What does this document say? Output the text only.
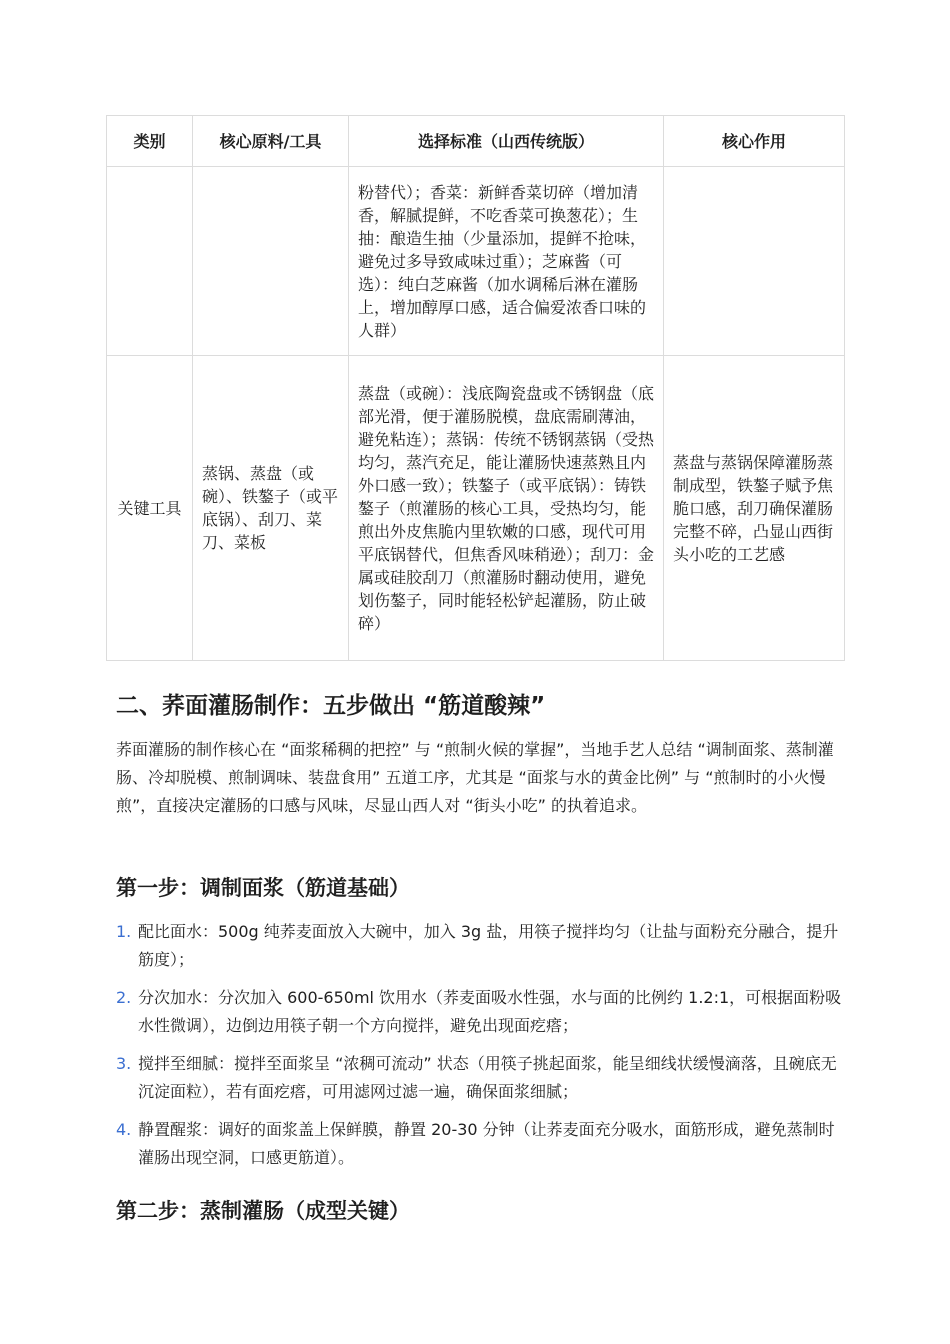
类别	核心原料/工具	选择标准（山西传统版）	核心作用

		粉替代）；香菜：新鲜香菜切碎（增加清香，解腻提鲜，不吃香菜可换葱花）；生抽：酿造生抽（少量添加，提鲜不抢味，避免过多导致咸味过重）；芝麻酱（可选）：纯白芝麻酱（加水调稀后淋在灌肠上，增加醇厚口感，适合偏爱浓香口味的人群）	

关键工具	蒸锅、蒸盘（或碗）、铁鏊子（或平底锅）、刮刀、菜刀、菜板	蒸盘（或碗）：浅底陶瓷盘或不锈钢盘（底部光滑，便于灌肠脱模，盘底需刷薄油，避免粘连）；蒸锅：传统不锈钢蒸锅（受热均匀，蒸汽充足，能让灌肠快速蒸熟且内外口感一致）；铁鏊子（或平底锅）：铸铁鏊子（煎灌肠的核心工具，受热均匀，能煎出外皮焦脆内里软嫩的口感，现代可用平底锅替代，但焦香风味稍逊）；刮刀：金属或硅胶刮刀（煎灌肠时翻动使用，避免划伤鏊子，同时能轻松铲起灌肠，防止破碎）	蒸盘与蒸锅保障灌肠蒸制成型，铁鏊子赋予焦脆口感，刮刀确保灌肠完整不碎，凸显山西街头小吃的工艺感
二、荞面灌肠制作：五步做出 “筋道酸辣”

荞面灌肠的制作核心在 “面浆稀稠的把控” 与 “煎制火候的掌握”，当地手艺人总结 “调制面浆、蒸制灌肠、冷却脱模、煎制调味、装盘食用” 五道工序，尤其是 “面浆与水的黄金比例” 与 “煎制时的小火慢煎”，直接决定灌肠的口感与风味，尽显山西人对 “街头小吃” 的执着追求。

第一步：调制面浆（筋道基础）
1. 配比面水：500g 纯荞麦面放入大碗中，加入 3g 盐，用筷子搅拌均匀（让盐与面粉充分融合，提升筋度）；
2. 分次加水：分次加入 600-650ml 饮用水（荞麦面吸水性强，水与面的比例约 1.2:1，可根据面粉吸水性微调），边倒边用筷子朝一个方向搅拌，避免出现面疙瘩；
3. 搅拌至细腻：搅拌至面浆呈 “浓稠可流动” 状态（用筷子挑起面浆，能呈细线状缓慢滴落，且碗底无沉淀面粒），若有面疙瘩，可用滤网过滤一遍，确保面浆细腻；
4. 静置醒浆：调好的面浆盖上保鲜膜，静置 20-30 分钟（让荞麦面充分吸水，面筋形成，避免蒸制时灌肠出现空洞，口感更筋道）。
第二步：蒸制灌肠（成型关键）
